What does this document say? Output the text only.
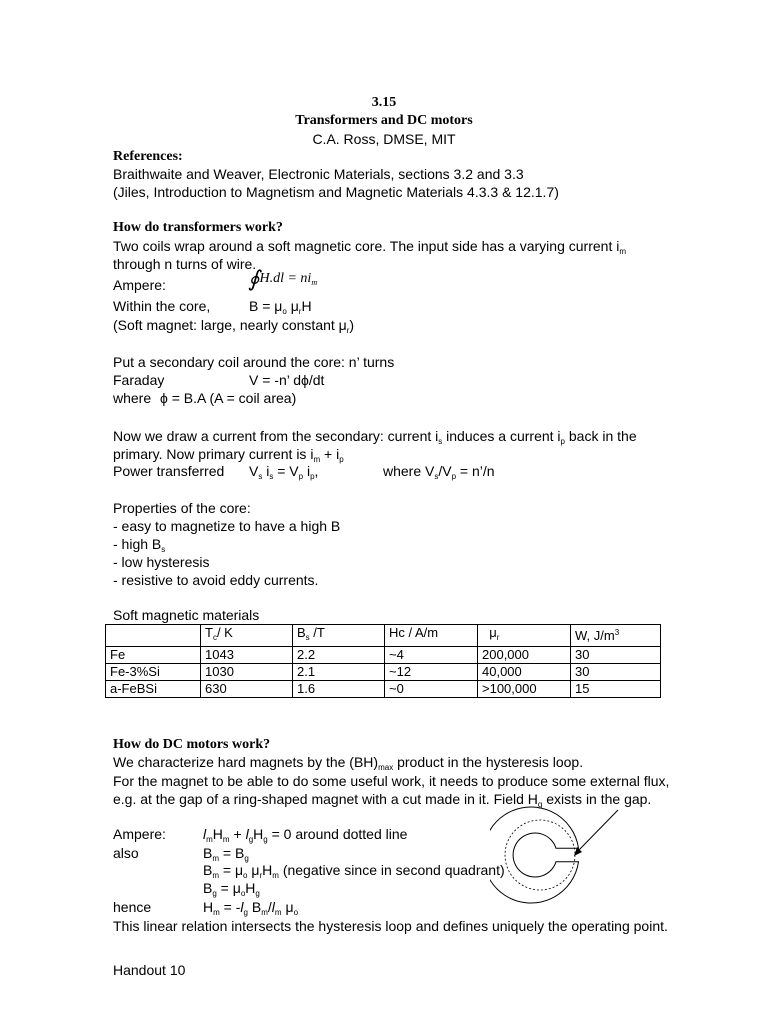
3.15
Transformers and DC motors
C.A. Ross, DMSE, MIT
References:
Braithwaite and Weaver, Electronic Materials, sections 3.2 and 3.3
(Jiles, Introduction to Magnetism and Magnetic Materials 4.3.3 & 12.1.7)
How do transformers work?
Two coils wrap around a soft magnetic core. The input side has a varying current $i_m$
through n turns of wire.
Ampere:	∮H.dl = $ni_m$
Within the core,	$B = \mu_o$ $\mu_rH$
(Soft magnet: large, nearly constant $\mu_r$)
Put a secondary coil around the core: n’ turns
Faraday	V = -n’ dϕ/dt
where ϕ = B.A (A = coil area)
Now we draw a current from the secondary: current $i_s$ induces a current $i_p$ back in the
primary. Now primary current is $i_m + i_p$
Power transferred $V_s$ $i_s = V_p$ $i_p$,	where $V_s/V_p$ = n’/n
Properties of the core:
- easy to magnetize to have a high B
- high $B_s$
- low hysteresis
- resistive to avoid eddy currents.
Soft magnetic materials
	$T_c/$ K	$B_s$ /T	Hc / A/m	$\mu_r$	W, $J/m^3$
Fe	1043	2.2	~4	200,000	30
Fe-3%Si	1030	2.1	~12	40,000	30
a-FeBSi	630	1.6	~0	>100,000	15
How do DC motors work?
We characterize hard magnets by the $(BH)_{max}$ product in the hysteresis loop.
For the magnet to be able to do some useful work, it needs to produce some external flux,
e.g. at the gap of a ring-shaped magnet with a cut made in it. Field $H_g$ exists in the gap.
Ampere:	$l_mH_m + l_gH_g = 0$ around dotted line
also	$B_m = B_g$
$B_m = \mu_o$ $\mu_rH_m$ (negative since in second quadrant)
$B_g = \mu_oH_g$
hence	$H_m = -l_g$ $B_m/l_m$ $\mu_o$
This linear relation intersects the hysteresis loop and defines uniquely the operating point.
Handout 10
